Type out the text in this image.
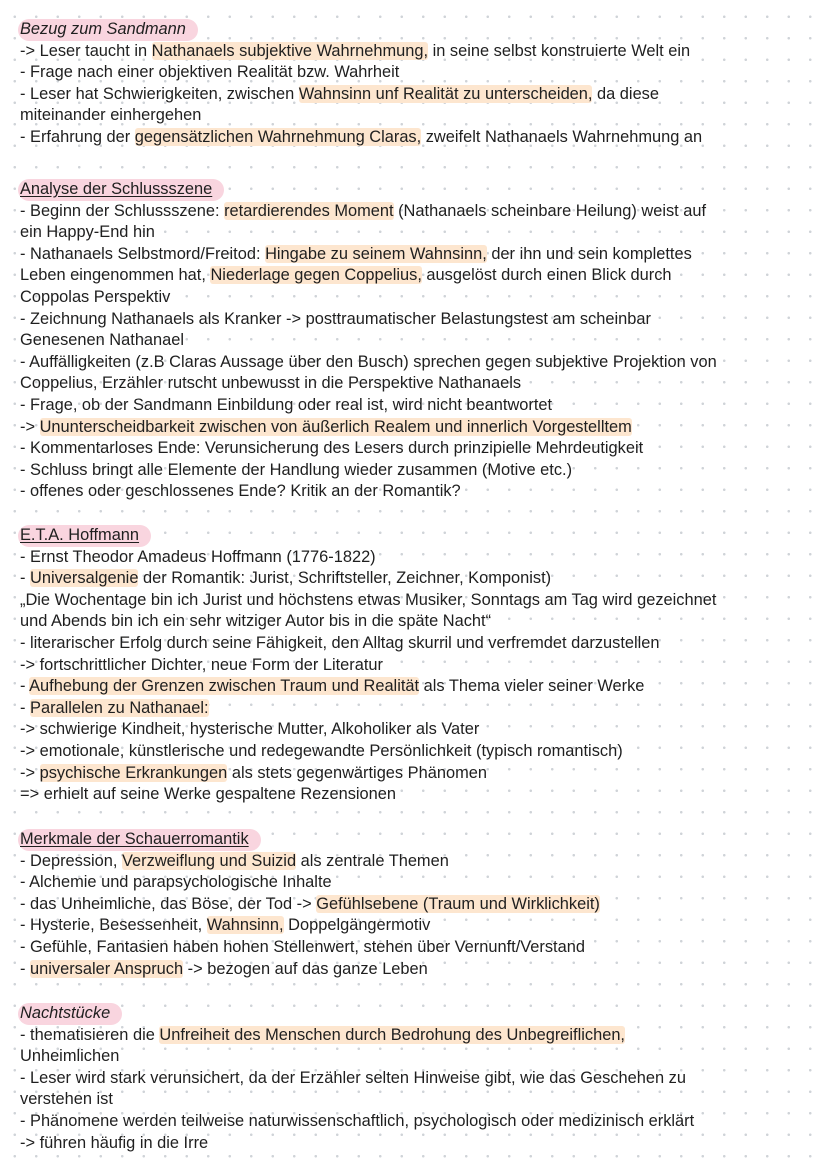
Bezug zum Sandmann
-> Leser taucht in Nathanaels subjektive Wahrnehmung, in seine selbst konstruierte Welt ein
- Frage nach einer objektiven Realität bzw. Wahrheit
- Leser hat Schwierigkeiten, zwischen Wahnsinn unf Realität zu unterscheiden, da diese
miteinander einhergehen
- Erfahrung der gegensätzlichen Wahrnehmung Claras, zweifelt Nathanaels Wahrnehmung an
Analyse der Schlussszene
- Beginn der Schlussszene: retardierendes Moment (Nathanaels scheinbare Heilung) weist auf
ein Happy-End hin
- Nathanaels Selbstmord/Freitod: Hingabe zu seinem Wahnsinn, der ihn und sein komplettes
Leben eingenommen hat, Niederlage gegen Coppelius, ausgelöst durch einen Blick durch
Coppolas Perspektiv
- Zeichnung Nathanaels als Kranker -> posttraumatischer Belastungstest am scheinbar
Genesenen Nathanael
- Auffälligkeiten (z.B Claras Aussage über den Busch) sprechen gegen subjektive Projektion von
Coppelius, Erzähler rutscht unbewusst in die Perspektive Nathanaels
- Frage, ob der Sandmann Einbildung oder real ist, wird nicht beantwortet
-> Ununterscheidbarkeit zwischen von äußerlich Realem und innerlich Vorgestelltem
- Kommentarloses Ende: Verunsicherung des Lesers durch prinzipielle Mehrdeutigkeit
- Schluss bringt alle Elemente der Handlung wieder zusammen (Motive etc.)
- offenes oder geschlossenes Ende? Kritik an der Romantik?
E.T.A. Hoffmann
- Ernst Theodor Amadeus Hoffmann (1776-1822)
- Universalgenie der Romantik: Jurist, Schriftsteller, Zeichner, Komponist)
„Die Wochentage bin ich Jurist und höchstens etwas Musiker, Sonntags am Tag wird gezeichnet
und Abends bin ich ein sehr witziger Autor bis in die späte Nacht“
- literarischer Erfolg durch seine Fähigkeit, den Alltag skurril und verfremdet darzustellen
-> fortschrittlicher Dichter, neue Form der Literatur
- Aufhebung der Grenzen zwischen Traum und Realität als Thema vieler seiner Werke
- Parallelen zu Nathanael:
-> schwierige Kindheit, hysterische Mutter, Alkoholiker als Vater
-> emotionale, künstlerische und redegewandte Persönlichkeit (typisch romantisch)
-> psychische Erkrankungen als stets gegenwärtiges Phänomen
=> erhielt auf seine Werke gespaltene Rezensionen
Merkmale der Schauerromantik
- Depression, Verzweiflung und Suizid als zentrale Themen
- Alchemie und parapsychologische Inhalte
- das Unheimliche, das Böse, der Tod -> Gefühlsebene (Traum und Wirklichkeit)
- Hysterie, Besessenheit, Wahnsinn, Doppelgängermotiv
- Gefühle, Fantasien haben hohen Stellenwert, stehen über Vernunft/Verstand
- universaler Anspruch -> bezogen auf das ganze Leben
Nachtstücke
- thematisieren die Unfreiheit des Menschen durch Bedrohung des Unbegreiflichen,
Unheimlichen
- Leser wird stark verunsichert, da der Erzähler selten Hinweise gibt, wie das Geschehen zu
verstehen ist
- Phänomene werden teilweise naturwissenschaftlich, psychologisch oder medizinisch erklärt
-> führen häufig in die Irre
